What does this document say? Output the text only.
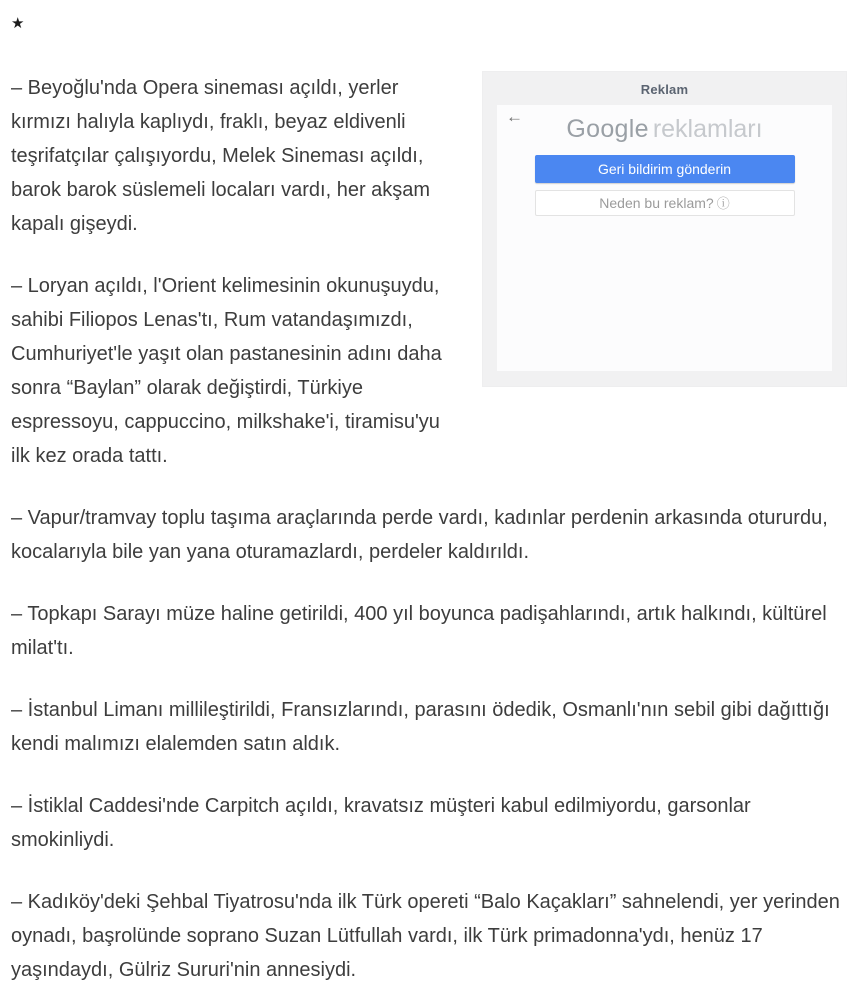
★
Reklam
←	Google reklamları
Geri bildirim gönderin
Neden bu reklam? ⓘ

– Beyoğlu'nda Opera sineması açıldı, yerler kırmızı halıyla kaplıydı, fraklı, beyaz eldivenli teşrifatçılar çalışıyordu, Melek Sineması açıldı, barok barok süslemeli locaları vardı, her akşam kapalı gişeydi.

– Loryan açıldı, l'Orient kelimesinin okunuşuydu, sahibi Filiopos Lenas'tı, Rum vatandaşımızdı, Cumhuriyet'le yaşıt olan pastanesinin adını daha sonra “Baylan” olarak değiştirdi, Türkiye espressoyu, cappuccino, milkshake'i, tiramisu'yu ilk kez orada tattı.

– Vapur/tramvay toplu taşıma araçlarında perde vardı, kadınlar perdenin arkasında otururdu, kocalarıyla bile yan yana oturamazlardı, perdeler kaldırıldı.

– Topkapı Sarayı müze haline getirildi, 400 yıl boyunca padişahlarındı, artık halkındı, kültürel milat'tı.

– İstanbul Limanı millileştirildi, Fransızlarındı, parasını ödedik, Osmanlı'nın sebil gibi dağıttığı kendi malımızı elalemden satın aldık.

– İstiklal Caddesi'nde Carpitch açıldı, kravatsız müşteri kabul edilmiyordu, garsonlar smokinliydi.

– Kadıköy'deki Şehbal Tiyatrosu'nda ilk Türk opereti “Balo Kaçakları” sahnelendi, yer yerinden oynadı, başrolünde soprano Suzan Lütfullah vardı, ilk Türk primadonna'ydı, henüz 17 yaşındaydı, Gülriz Sururi'nin annesiydi.
